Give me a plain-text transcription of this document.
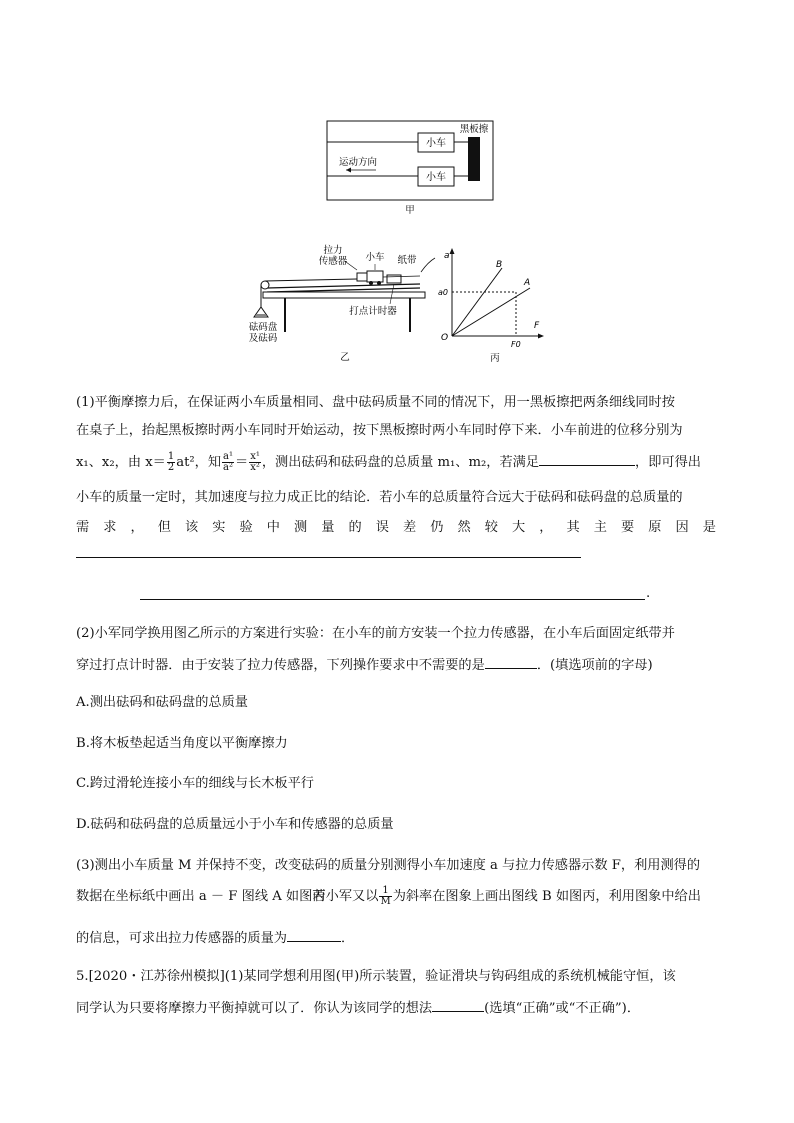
小车
小车
黑板擦
运动方向
甲
拉力
传感器 小车 纸带
打点计时器
砝码盘
及砝码
乙
a
F
O
B
A
a0
F0
丙
(1)平衡摩擦力后，在保证两小车质量相同、盘中砝码质量不同的情况下，用一黑板擦把两条细线同时按
在桌子上，抬起黑板擦时两小车同时开始运动，按下黑板擦时两小车同时停下来．小车前进的位移分别为
x₁、x₂，由 $x= \frac{1}{2} at^2$，知 $\frac{\text{a¹}}{\text{a²}} = \frac{\text{x¹}}{\text{x²}}$ ，测出砝码和砝码盘的总质量 m₁、m₂，若满足	，即可得出
小车的质量一定时，其加速度与拉力成正比的结论．若小车的总质量符合远大于砝码和砝码盘的总质量的
需 求 ， 但 该 实 验 中 测 量 的 误 差 仍 然 较 大 ， 其 主 要 原 因 是
.
(2)小军同学换用图乙所示的方案进行实验：在小车的前方安装一个拉力传感器，在小车后面固定纸带并
穿过打点计时器．由于安装了拉力传感器，下列操作要求中不需要的是	．(填选项前的字母)
A.测出砝码和砝码盘的总质量
B.将木板垫起适当角度以平衡摩擦力
C.跨过滑轮连接小车的细线与长木板平行
D.砝码和砝码盘的总质量远小于小车和传感器的总质量
(3)测出小车质量 M 并保持不变，改变砝码的质量分别测得小车加速度 a 与拉力传感器示数 F，利用测得的
数据在坐标纸中画出 a － F 图线 A 如图丙若小军又以 $\frac{1}{M}$ 为斜率在图象上画出图线 B 如图丙，利用图象中给出
的信息，可求出拉力传感器的质量为	．
5.[2020・江苏徐州模拟](1)某同学想利用图(甲)所示装置，验证滑块与钩码组成的系统机械能守恒，该
同学认为只要将摩擦力平衡掉就可以了．你认为该同学的想法	(选填“正确”或“不正确”)．
